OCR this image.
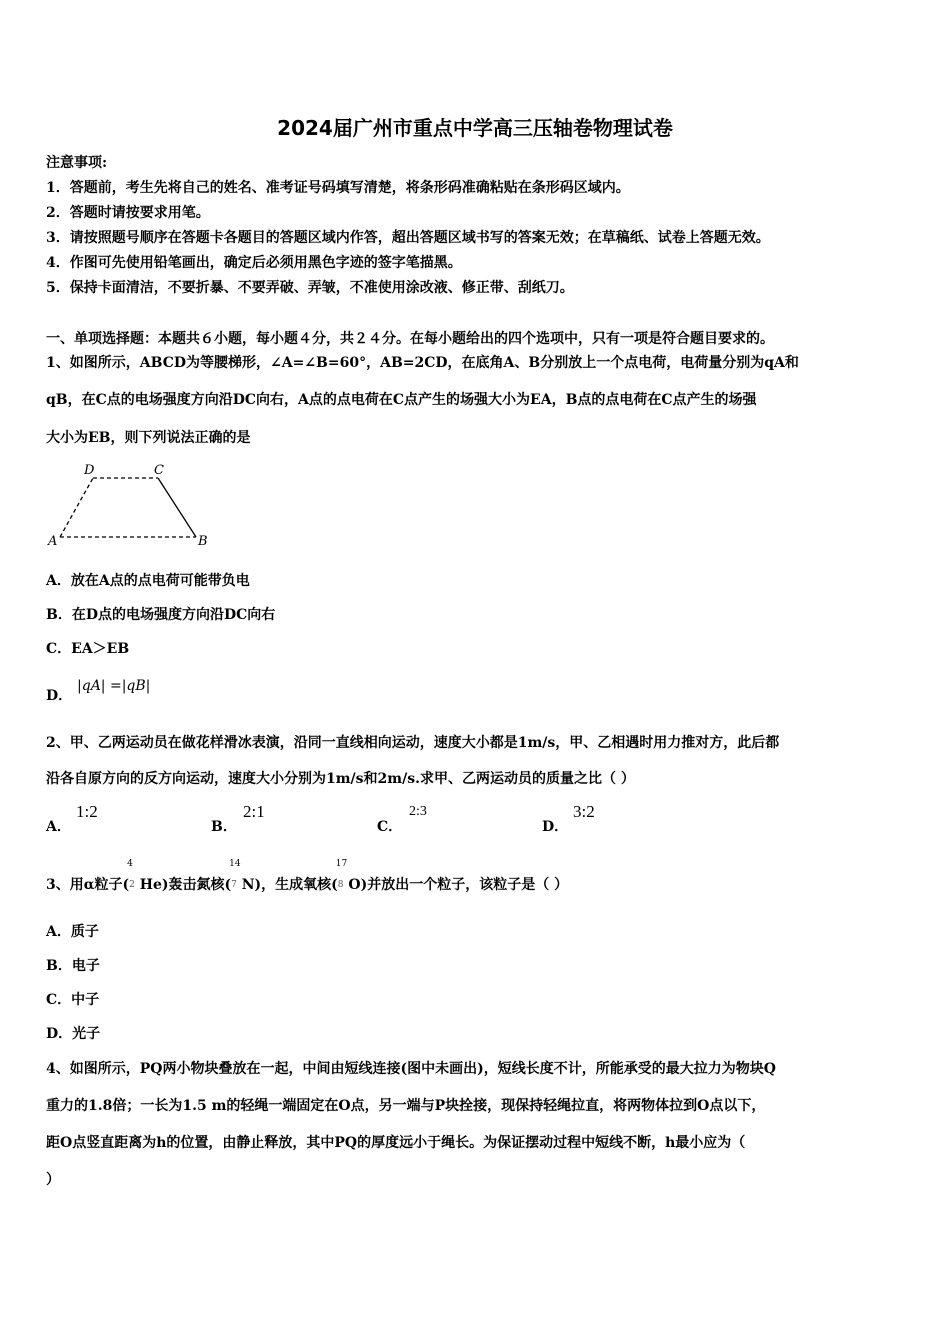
2024届广州市重点中学高三压轴卷物理试卷
注意事项:
1．答题前，考生先将自己的姓名、准考证号码填写清楚，将条形码准确粘贴在条形码区域内。
2．答题时请按要求用笔。
3．请按照题号顺序在答题卡各题目的答题区域内作答，超出答题区域书写的答案无效；在草稿纸、试卷上答题无效。
4．作图可先使用铅笔画出，确定后必须用黑色字迹的签字笔描黑。
5．保持卡面清洁，不要折暴、不要弄破、弄皱，不准使用涂改液、修正带、刮纸刀。
一、单项选择题：本题共６小题，每小题４分，共２４分。在每小题给出的四个选项中，只有一项是符合题目要求的。
1、如图所示，ABCD为等腰梯形，∠A=∠B=60°，AB=2CD，在底角A、B分别放上一个点电荷，电荷量分别为qA和
qB，在C点的电场强度方向沿DC向右，A点的点电荷在C点产生的场强大小为EA，B点的点电荷在C点产生的场强
大小为EB，则下列说法正确的是
D	C
A	B
A．放在A点的点电荷可能带负电
B．在D点的电场强度方向沿DC向右
C．EA＞EB
D． |qA| =|qB|
2、甲、乙两运动员在做花样滑冰表演，沿同一直线相向运动，速度大小都是1m/s，甲、乙相遇时用力推对方，此后都
沿各自原方向的反方向运动，速度大小分别为1m/s和2m/s.求甲、乙两运动员的质量之比（ ）
A．
1:2
B．
2:1
C．
2:3
D．
3:2
3、用α粒子(
4
2 He)轰击氮核(
14
7 N)，生成氧核(
17
8 O)并放出一个粒子，该粒子是（ ）
A．质子
B．电子
C．中子
D．光子
4、如图所示，PQ两小物块叠放在一起，中间由短线连接(图中未画出)，短线长度不计，所能承受的最大拉力为物块Q
重力的1.8倍；一长为1.5 m的轻绳一端固定在O点，另一端与P块拴接，现保持轻绳拉直，将两物体拉到O点以下，
距O点竖直距离为h的位置，由静止释放，其中PQ的厚度远小于绳长。为保证摆动过程中短线不断，h最小应为（
）
